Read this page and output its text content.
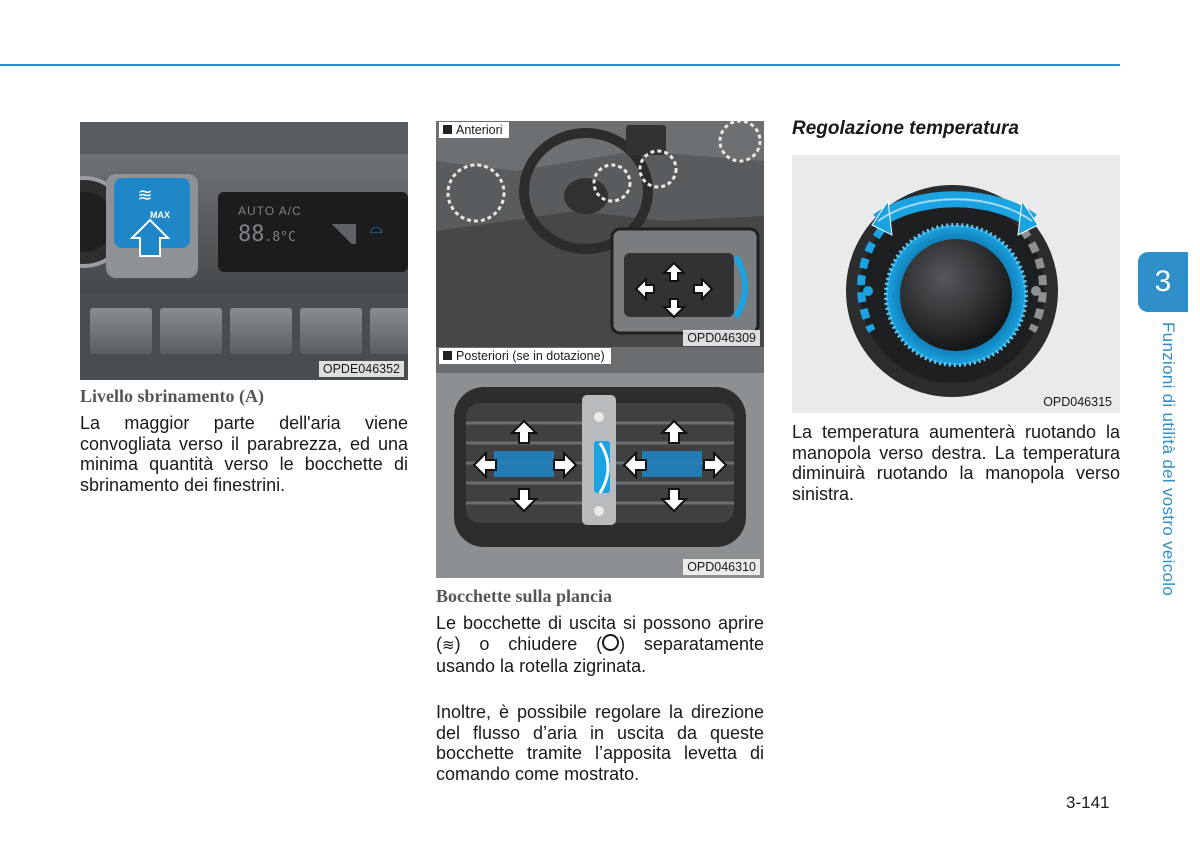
3
Funzioni di utilità del vostro veicolo
≋
MAX	AUTO A/C
88.8°C
⌓
OPDE046352
Livello sbrinamento (A)
La maggior parte dell'aria viene convogliata verso il parabrezza, ed una minima quantità verso le bocchette di sbrinamento dei finestrini.
Anteriori
OPD046309
Posteriori (se in dotazione)
OPD046310
Bocchette sulla plancia
Le bocchette di uscita si possono aprire (≋) o chiudere ( ) separatamente usando la rotella zigrinata.
Inoltre, è possibile regolare la direzione del flusso d’aria in uscita da queste bocchette tramite l’apposita levetta di comando come mostrato.
Regolazione temperatura
OPD046315
La temperatura aumenterà ruotando la manopola verso destra. La temperatura diminuirà ruotando la manopola verso sinistra.
3-141
